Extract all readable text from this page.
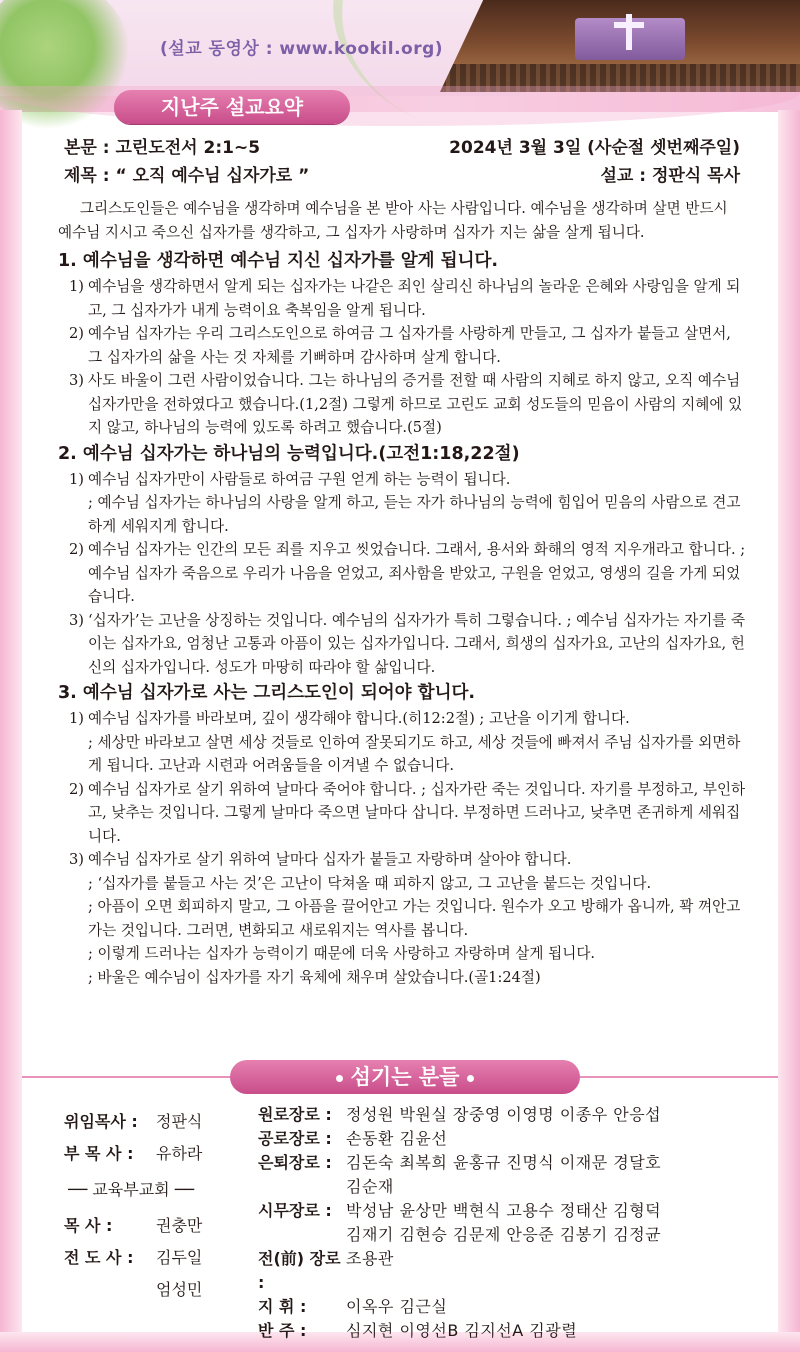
(설교 동영상 : www.kookil.org)
지난주 설교요약
본문 : 고린도전서 2:1~5	2024년 3월 3일 (사순절 셋번째주일)
제목 : “ 오직 예수님 십자가로 ”	설교 : 정판식 목사

그리스도인들은 예수님을 생각하며 예수님을 본 받아 사는 사람입니다. 예수님을 생각하며 살면 반드시 예수님 지시고 죽으신 십자가를 생각하고, 그 십자가 사랑하며 십자가 지는 삶을 살게 됩니다.

1. 예수님을 생각하면 예수님 지신 십자가를 알게 됩니다.

1) 예수님을 생각하면서 알게 되는 십자가는 나같은 죄인 살리신 하나님의 놀라운 은혜와 사랑임을 알게 되고, 그 십자가가 내게 능력이요 축복임을 알게 됩니다.
2) 예수님 십자가는 우리 그리스도인으로 하여금 그 십자가를 사랑하게 만들고, 그 십자가 붙들고 살면서, 그 십자가의 삶을 사는 것 자체를 기뻐하며 감사하며 살게 합니다.
3) 사도 바울이 그런 사람이었습니다. 그는 하나님의 증거를 전할 때 사람의 지혜로 하지 않고, 오직 예수님 십자가만을 전하였다고 했습니다.(1,2절) 그렇게 하므로 고린도 교회 성도들의 믿음이 사람의 지혜에 있지 않고, 하나님의 능력에 있도록 하려고 했습니다.(5절)

2. 예수님 십자가는 하나님의 능력입니다.(고전1:18,22절)

1) 예수님 십자가만이 사람들로 하여금 구원 얻게 하는 능력이 됩니다.
; 예수님 십자가는 하나님의 사랑을 알게 하고, 듣는 자가 하나님의 능력에 힘입어 믿음의 사람으로 견고하게 세워지게 합니다.
2) 예수님 십자가는 인간의 모든 죄를 지우고 씻었습니다. 그래서, 용서와 화해의 영적 지우개라고 합니다. ; 예수님 십자가 죽음으로 우리가 나음을 얻었고, 죄사함을 받았고, 구원을 얻었고, 영생의 길을 가게 되었습니다.
3) ‘십자가’는 고난을 상징하는 것입니다. 예수님의 십자가가 특히 그렇습니다. ; 예수님 십자가는 자기를 죽이는 십자가요, 엄청난 고통과 아픔이 있는 십자가입니다. 그래서, 희생의 십자가요, 고난의 십자가요, 헌신의 십자가입니다. 성도가 마땅히 따라야 할 삶입니다.

3. 예수님 십자가로 사는 그리스도인이 되어야 합니다.

1) 예수님 십자가를 바라보며, 깊이 생각해야 합니다.(히12:2절) ; 고난을 이기게 합니다.
; 세상만 바라보고 살면 세상 것들로 인하여 잘못되기도 하고, 세상 것들에 빠져서 주님 십자가를 외면하게 됩니다. 고난과 시련과 어려움들을 이겨낼 수 없습니다.
2) 예수님 십자가로 살기 위하여 날마다 죽어야 합니다. ; 십자가란 죽는 것입니다. 자기를 부정하고, 부인하고, 낮추는 것입니다. 그렇게 날마다 죽으면 날마다 삽니다. 부정하면 드러나고, 낮추면 존귀하게 세워집니다.
3) 예수님 십자가로 살기 위하여 날마다 십자가 붙들고 자랑하며 살아야 합니다.
; ‘십자가를 붙들고 사는 것’은 고난이 닥쳐올 때 피하지 않고, 그 고난을 붙드는 것입니다.
; 아픔이 오면 회피하지 말고, 그 아픔을 끌어안고 가는 것입니다. 원수가 오고 방해가 옵니까, 꽉 껴안고 가는 것입니다. 그러면, 변화되고 새로워지는 역사를 봅니다.
; 이렇게 드러나는 십자가 능력이기 때문에 더욱 사랑하고 자랑하며 살게 됩니다.
; 바울은 예수님이 십자가를 자기 육체에 채우며 살았습니다.(골1:24절)
섬기는 분들
위임목사 :	정판식
부 목 사 :	유하라
── 교육부교회 ──
목 사 :	권충만
전 도 사 :	김두일
엄성민
원로장로 : 정성원 박원실 장중영 이영명 이종우 안응섭
공로장로 : 손동환 김윤선
은퇴장로 : 김돈숙 최복희 윤홍규 진명식 이재문 경달호
김순재
시무장로 : 박성남 윤상만 백현식 고용수 정태산 김형덕
김재기 김현승 김문제 안응준 김봉기 김정균
전(前) 장로 :
조용관
지 휘 :	이옥우 김근실
반 주 :	심지현 이영선B 김지선A 김광렬
